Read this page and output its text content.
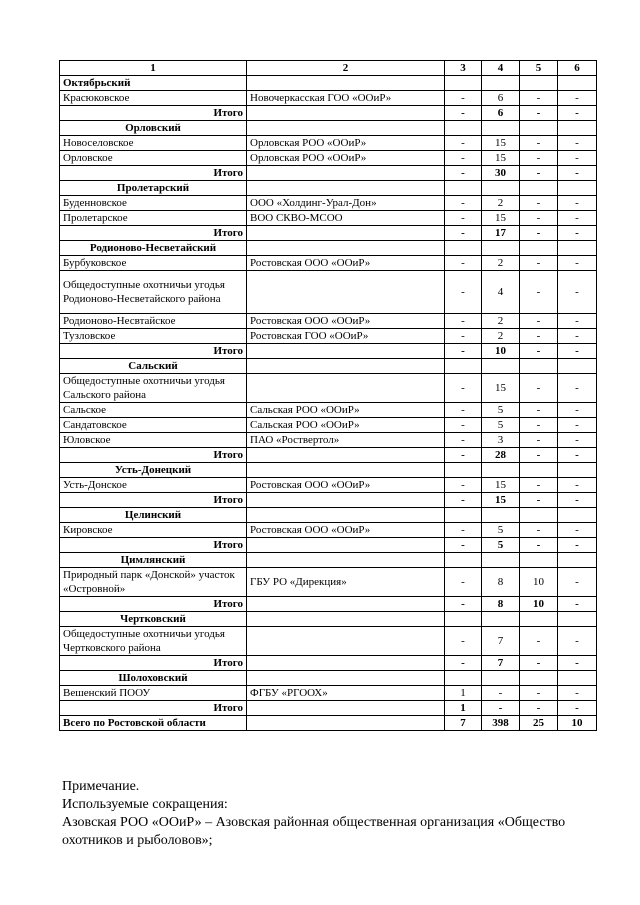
1	2	3	4	5	6
Октябрьский					
Красюковское	Новочеркасская ГОО «ООиР»	-	6	-	-
Итого		-	6	-	-
Орловский					
Новоселовское	Орловская РОО «ООиР»	-	15	-	-
Орловское	Орловская РОО «ООиР»	-	15	-	-
Итого		-	30	-	-
Пролетарский					
Буденновское	ООО «Холдинг-Урал-Дон»	-	2	-	-
Пролетарское	ВОО СКВО-МСОО	-	15	-	-
Итого		-	17	-	-
Родионово-Несветайский					
Бурбуковское	Ростовская ООО «ООиР»	-	2	-	-
Общедоступные охотничьи угодья Родионово-Несветайского района		-	4	-	-
Родионово-Несвтайское	Ростовская ООО «ООиР»	-	2	-	-
Тузловское	Ростовская ГОО «ООиР»	-	2	-	-
Итого		-	10	-	-
Сальский					
Общедоступные охотничьи угодья Сальского района		-	15	-	-
Сальское	Сальская РОО «ООиР»	-	5	-	-
Сандатовское	Сальская РОО «ООиР»	-	5	-	-
Юловское	ПАО «Роствертол»	-	3	-	-
Итого		-	28	-	-
Усть-Донецкий					
Усть-Донское	Ростовская ООО «ООиР»	-	15	-	-
Итого		-	15	-	-
Целинский					
Кировское	Ростовская ООО «ООиР»	-	5	-	-
Итого		-	5	-	-
Цимлянский					
Природный парк «Донской» участок «Островной»	ГБУ РО «Дирекция»	-	8	10	-
Итого		-	8	10	-
Чертковский					
Общедоступные охотничьи угодья Чертковского района		-	7	-	-
Итого		-	7	-	-
Шолоховский					
Вешенский ПООУ	ФГБУ «РГООХ»	1	-	-	-
Итого		1	-	-	-
Всего по Ростовской области		7	398	25	10
Примечание.
Используемые сокращения:
Азовская РОО «ООиР» – Азовская районная общественная организация «Общество
охотников и рыболовов»;
